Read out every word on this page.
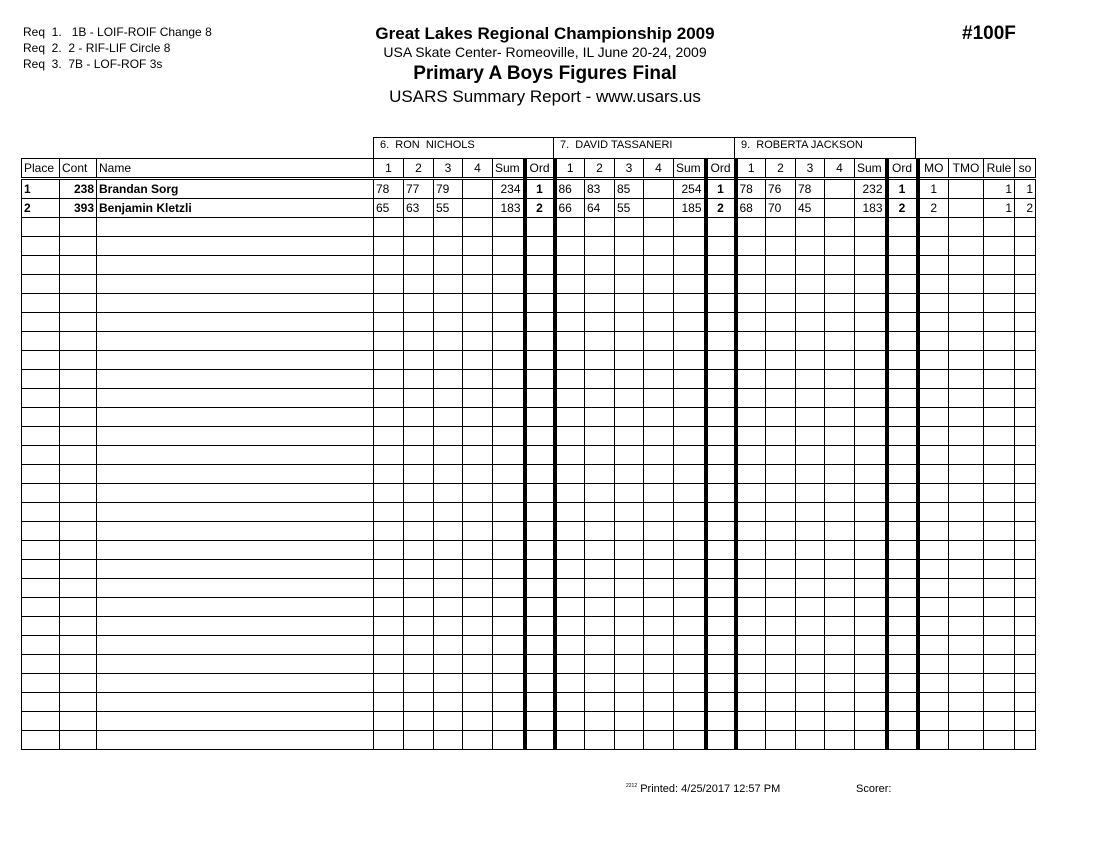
Req  1.   1B - LOIF-ROIF Change 8
Req  2.  2 - RIF-LIF Circle 8
Req  3.  7B - LOF-ROF 3s
Great Lakes Regional Championship 2009
USA Skate Center- Romeoville, IL June 20-24, 2009
Primary A Boys Figures Final
USARS Summary Report - www.usars.us
#100F
6.  RON  NICHOLS	7.  DAVID TASSANERI	9.  ROBERTA JACKSON
Place	Cont	Name	1	2	3	4	Sum	Ord	1	2	3	4	Sum	Ord	1	2	3	4	Sum	Ord	MO	TMO	Rule	so
1	238	Brandan Sorg	78	77	79		234	1	86	83	85		254	1	78	76	78		232	1	1		1	1
2	393	Benjamin Kletzli	65	63	55		183	2	66	64	55		185	2	68	70	45		183	2	2		1	2

$^{2212}$ Printed: 4/25/2017 12:57 PM	Scorer:
